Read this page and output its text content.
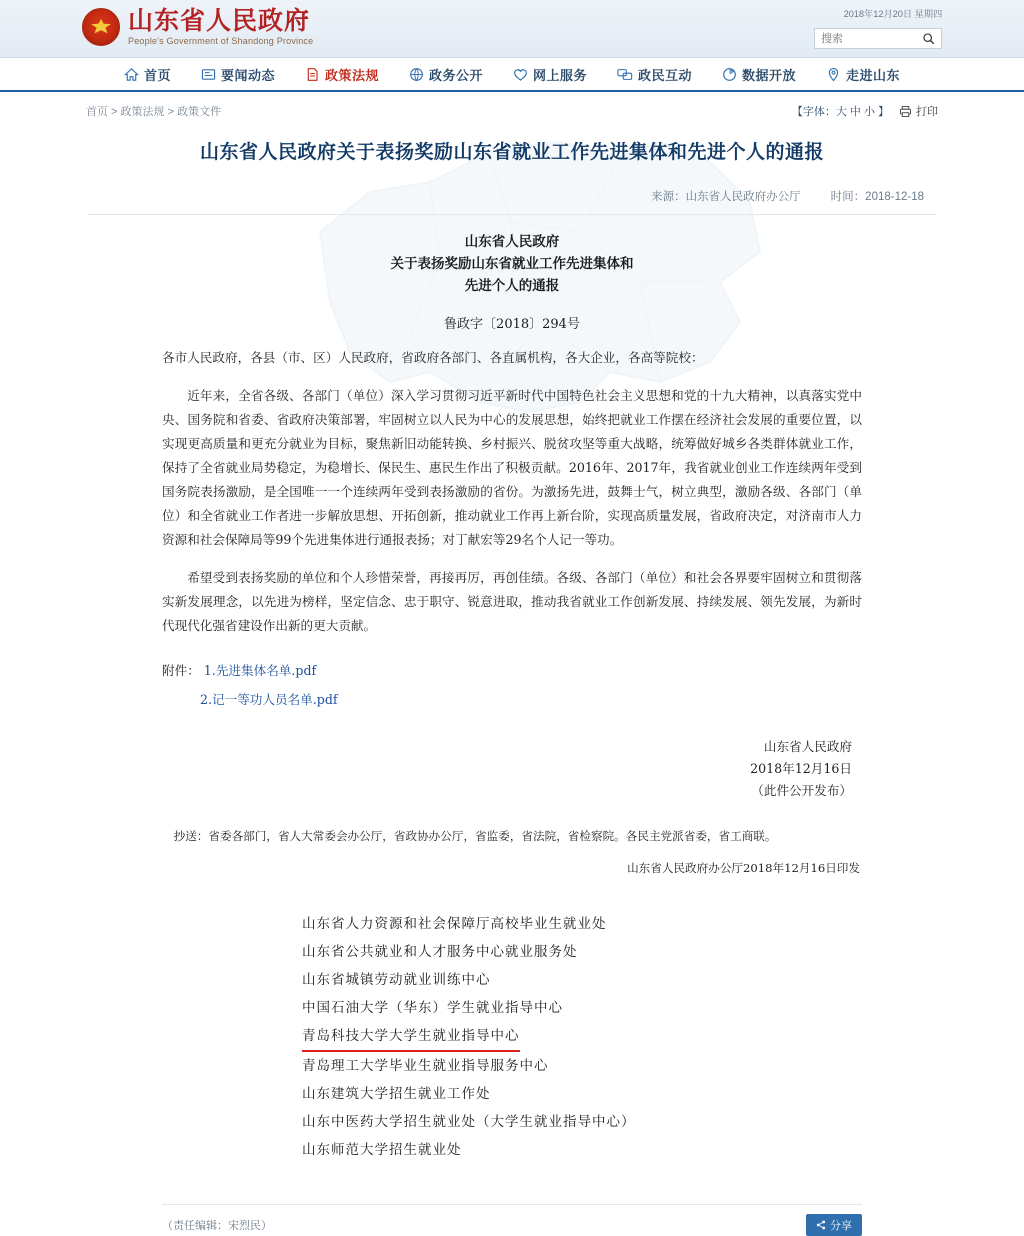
山东省人民政府
People's Government of Shandong Province
2018年12月20日 星期四
搜索
首页	要闻动态	政策法规	政务公开	网上服务	政民互动	数据开放	走进山东
首页 > 政策法规 > 政策文件	【字体：大 中 小 】 打印
山东省人民政府关于表扬奖励山东省就业工作先进集体和先进个人的通报
来源：山东省人民政府办公厅	时间：2018-12-18
山东省人民政府
关于表扬奖励山东省就业工作先进集体和
先进个人的通报
鲁政字〔2018〕294号
各市人民政府，各县（市、区）人民政府，省政府各部门、各直属机构，各大企业，各高等院校：
近年来，全省各级、各部门（单位）深入学习贯彻习近平新时代中国特色社会主义思想和党的十九大精神，以真落实党中央、国务院和省委、省政府决策部署，牢固树立以人民为中心的发展思想，始终把就业工作摆在经济社会发展的重要位置，以实现更高质量和更充分就业为目标，聚焦新旧动能转换、乡村振兴、脱贫攻坚等重大战略，统筹做好城乡各类群体就业工作，保持了全省就业局势稳定，为稳增长、保民生、惠民生作出了积极贡献。2016年、2017年，我省就业创业工作连续两年受到国务院表扬激励，是全国唯一一个连续两年受到表扬激励的省份。为激扬先进，鼓舞士气，树立典型，激励各级、各部门（单位）和全省就业工作者进一步解放思想、开拓创新，推动就业工作再上新台阶，实现高质量发展，省政府决定，对济南市人力资源和社会保障局等99个先进集体进行通报表扬；对丁献宏等29名个人记一等功。
希望受到表扬奖励的单位和个人珍惜荣誉，再接再厉，再创佳绩。各级、各部门（单位）和社会各界要牢固树立和贯彻落实新发展理念，以先进为榜样，坚定信念、忠于职守、锐意进取，推动我省就业工作创新发展、持续发展、领先发展，为新时代现代化强省建设作出新的更大贡献。
附件： 1.先进集体名单.pdf
2.记一等功人员名单.pdf
山东省人民政府
2018年12月16日
（此件公开发布）
抄送：省委各部门，省人大常委会办公厅，省政协办公厅，省监委，省法院，省检察院。各民主党派省委，省工商联。
山东省人民政府办公厅2018年12月16日印发
山东省人力资源和社会保障厅高校毕业生就业处
山东省公共就业和人才服务中心就业服务处
山东省城镇劳动就业训练中心
中国石油大学（华东）学生就业指导中心
青岛科技大学大学生就业指导中心
青岛理工大学毕业生就业指导服务中心
山东建筑大学招生就业工作处
山东中医药大学招生就业处（大学生就业指导中心）
山东师范大学招生就业处
（责任编辑：宋烈民）	分享
